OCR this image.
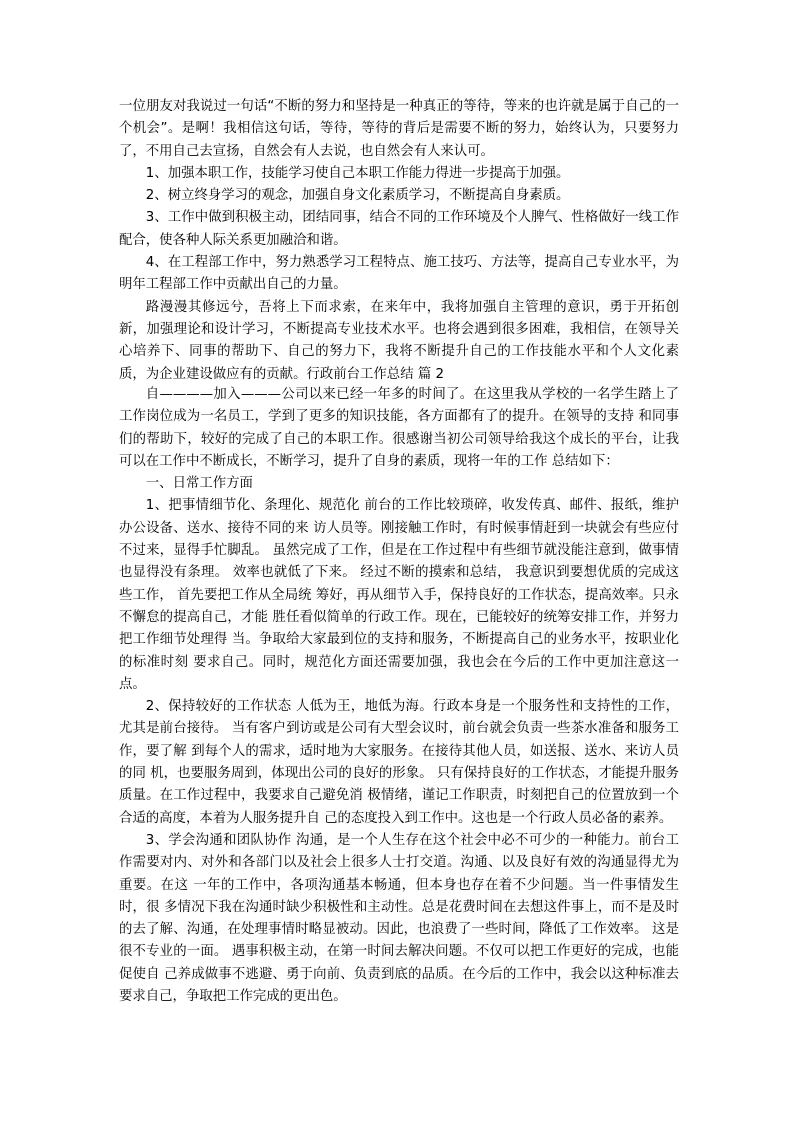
一位朋友对我说过一句话“不断的努力和坚持是一种真正的等待，等来的也许就是属于自己的一个机会”。是啊！我相信这句话，等待，等待的背后是需要不断的努力，始终认为，只要努力了，不用自己去宣扬，自然会有人去说，也自然会有人来认可。

1、加强本职工作，技能学习使自己本职工作能力得进一步提高于加强。

2、树立终身学习的观念，加强自身文化素质学习，不断提高自身素质。

3、工作中做到积极主动，团结同事，结合不同的工作环境及个人脾气、性格做好一线工作配合，使各种人际关系更加融洽和谐。

4、在工程部工作中，努力熟悉学习工程特点、施工技巧、方法等，提高自己专业水平，为明年工程部工作中贡献出自己的力量。

路漫漫其修远兮，吾将上下而求索，在来年中，我将加强自主管理的意识，勇于开拓创新，加强理论和设计学习，不断提高专业技术水平。也将会遇到很多困难，我相信，在领导关心培养下、同事的帮助下、自己的努力下，我将不断提升自己的工作技能水平和个人文化素质，为企业建设做应有的贡献。行政前台工作总结 篇 2

自————加入———公司以来已经一年多的时间了。在这里我从学校的一名学生踏上了 工作岗位成为一名员工，学到了更多的知识技能，各方面都有了的提升。在领导的支持 和同事们的帮助下，较好的完成了自己的本职工作。很感谢当初公司领导给我这个成长的平台，让我可以在工作中不断成长，不断学习，提升了自身的素质，现将一年的工作 总结如下：

一、日常工作方面

1、把事情细节化、条理化、规范化 前台的工作比较琐碎，收发传真、邮件、报纸，维护办公设备、送水、接待不同的来 访人员等。刚接触工作时，有时候事情赶到一块就会有些应付不过来，显得手忙脚乱。 虽然完成了工作，但是在工作过程中有些细节就没能注意到，做事情也显得没有条理。 效率也就低了下来。 经过不断的摸索和总结， 我意识到要想优质的完成这些工作， 首先要把工作从全局统 筹好，再从细节入手，保持良好的工作状态，提高效率。只永不懈怠的提高自己，才能 胜任看似简单的行政工作。现在，已能较好的统筹安排工作，并努力把工作细节处理得 当。争取给大家最到位的支持和服务，不断提高自己的业务水平，按职业化的标准时刻 要求自己。同时，规范化方面还需要加强，我也会在今后的工作中更加注意这一点。

2、保持较好的工作状态 人低为王，地低为海。行政本身是一个服务性和支持性的工作，尤其是前台接待。 当有客户到访或是公司有大型会议时，前台就会负责一些茶水准备和服务工作，要了解 到每个人的需求，适时地为大家服务。在接待其他人员，如送报、送水、来访人员的同 机，也要服务周到，体现出公司的良好的形象。 只有保持良好的工作状态，才能提升服务质量。在工作过程中，我要求自己避免消 极情绪，谨记工作职责，时刻把自己的位置放到一个合适的高度，本着为人服务提升自 己的态度投入到工作中。这也是一个行政人员必备的素养。

3、学会沟通和团队协作 沟通，是一个人生存在这个社会中必不可少的一种能力。前台工作需要对内、对外和各部门以及社会上很多人士打交道。沟通、以及良好有效的沟通显得尤为重要。在这 一年的工作中，各项沟通基本畅通，但本身也存在着不少问题。当一件事情发生时，很 多情况下我在沟通时缺少积极性和主动性。总是花费时间在去想这件事上，而不是及时 的去了解、沟通，在处理事情时略显被动。因此，也浪费了一些时间，降低了工作效率。 这是很不专业的一面。 遇事积极主动，在第一时间去解决问题。不仅可以把工作更好的完成，也能促使自 己养成做事不逃避、勇于向前、负责到底的品质。在今后的工作中，我会以这种标准去 要求自己，争取把工作完成的更出色。
